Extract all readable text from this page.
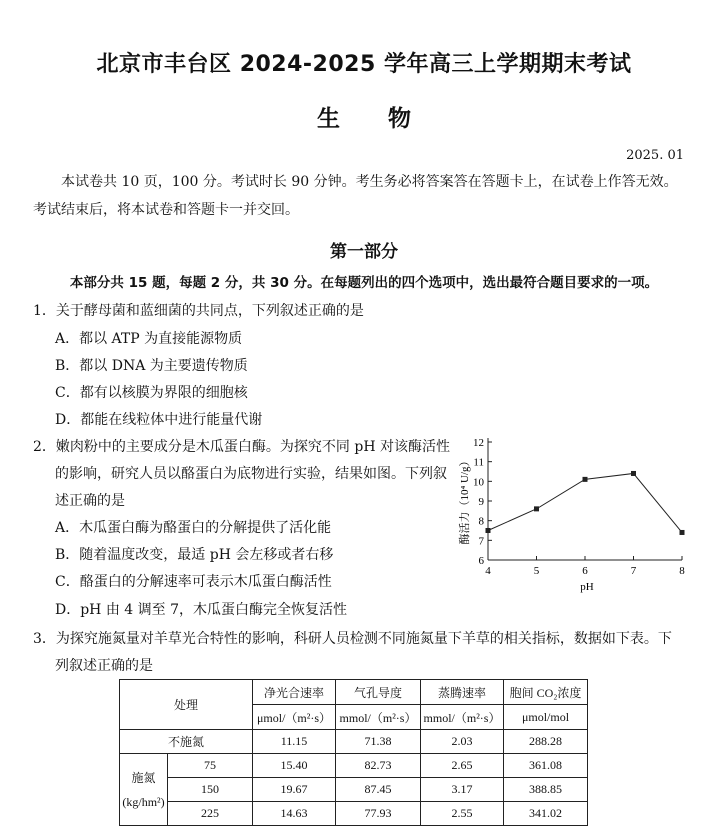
北京市丰台区 2024-2025 学年高三上学期期末考试
生 物
2025. 01
本试卷共 10 页，100 分。考试时长 90 分钟。考生务必将答案答在答题卡上，在试卷上作答无效。
考试结束后，将本试卷和答题卡一并交回。
第一部分
本部分共 15 题，每题 2 分，共 30 分。在每题列出的四个选项中，选出最符合题目要求的一项。
1．关于酵母菌和蓝细菌的共同点，下列叙述正确的是
A．都以 ATP 为直接能源物质
B．都以 DNA 为主要遗传物质
C．都有以核膜为界限的细胞核
D．都能在线粒体中进行能量代谢
2．嫩肉粉中的主要成分是木瓜蛋白酶。为探究不同 pH 对该酶活性
的影响，研究人员以酪蛋白为底物进行实验，结果如图。下列叙
述正确的是
A．木瓜蛋白酶为酪蛋白的分解提供了活化能
B．随着温度改变，最适 pH 会左移或者右移
C．酪蛋白的分解速率可表示木瓜蛋白酶活性
D．pH 由 4 调至 7，木瓜蛋白酶完全恢复活性
6
7
8
9
10
11
12
4	5	6	7	8
酶活力（10⁴ U/g）
pH
3．为探究施氮量对羊草光合特性的影响，科研人员检测不同施氮量下羊草的相关指标，数据如下表。下
列叙述正确的是
处理		净光合速率	气孔导度	蒸腾速率	胞间 CO₂浓度
		μmol/（m²·s）	mmol/（m²·s）	mmol/（m²·s）	μmol/mol
不施氮		11.15	71.38	2.03	288.28

施氮
(kg/hm²)	75	15.40	82.73	2.65	361.08
	150	19.67	87.45	3.17	388.85
	225	14.63	77.93	2.55	341.02
